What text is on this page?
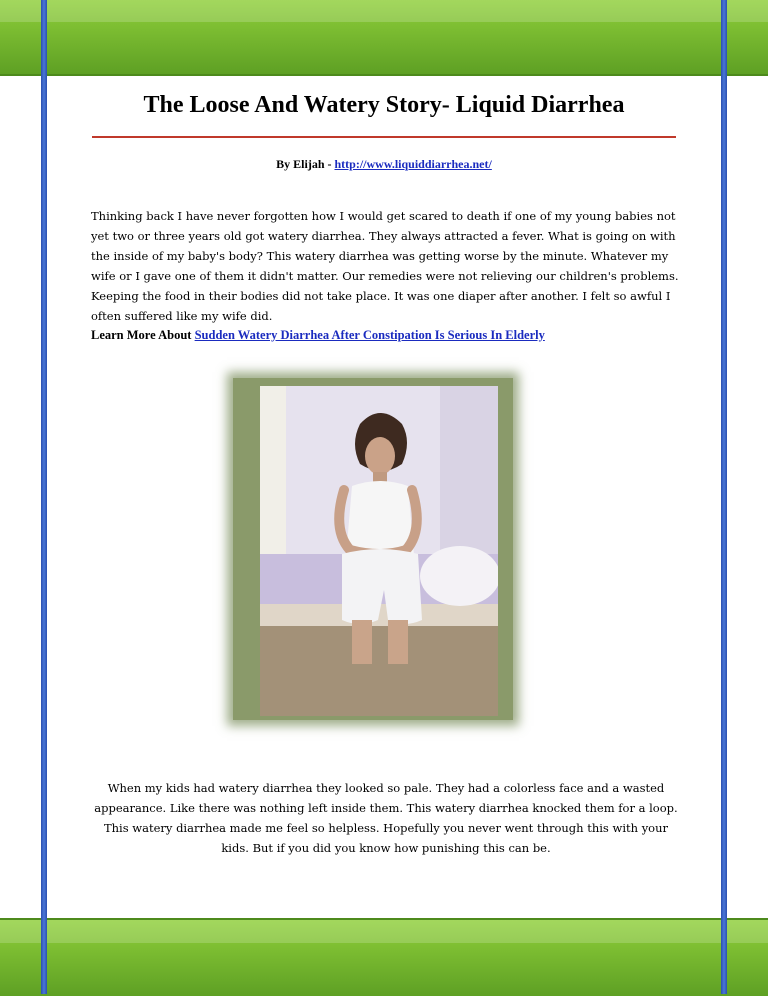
The Loose And Watery Story- Liquid Diarrhea
By Elijah - http://www.liquiddiarrhea.net/

Thinking back I have never forgotten how I would get scared to death if one of my young babies not yet two or three years old got watery diarrhea. They always attracted a fever. What is going on with the inside of my baby's body? This watery diarrhea was getting worse by the minute. Whatever my wife or I gave one of them it didn't matter. Our remedies were not relieving our children's problems. Keeping the food in their bodies did not take place. It was one diaper after another. I felt so awful I often suffered like my wife did.

Learn More About Sudden Watery Diarrhea After Constipation Is Serious In Elderly

When my kids had watery diarrhea they looked so pale. They had a colorless face and a wasted appearance. Like there was nothing left inside them. This watery diarrhea knocked them for a loop. This watery diarrhea made me feel so helpless. Hopefully you never went through this with your kids. But if you did you know how punishing this can be.
